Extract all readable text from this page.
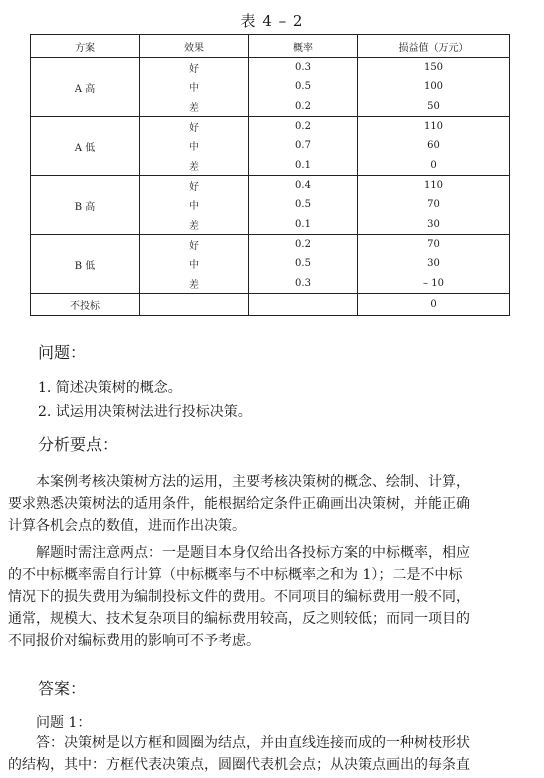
表 4 – 2
方案	效果	概率	损益值（万元）
A 高	好	0.3	150
	中	0.5	100
	差	0.2	50
A 低	好	0.2	110
	中	0.7	60
	差	0.1	0
B 高	好	0.4	110
	中	0.5	70
	差	0.1	30
B 低	好	0.2	70
	中	0.5	30
	差	0.3	– 10
不投标			0
问题：
1. 简述决策树的概念。
2. 试运用决策树法进行投标决策。
分析要点：
本案例考核决策树方法的运用，主要考核决策树的概念、绘制、计算，
要求熟悉决策树法的适用条件，能根据给定条件正确画出决策树，并能正确
计算各机会点的数值，进而作出决策。
解题时需注意两点：一是题目本身仅给出各投标方案的中标概率，相应
的不中标概率需自行计算（中标概率与不中标概率之和为 1）；二是不中标
情况下的损失费用为编制投标文件的费用。不同项目的编标费用一般不同，
通常，规模大、技术复杂项目的编标费用较高，反之则较低；而同一项目的
不同报价对编标费用的影响可不予考虑。
答案：
问题 1：
答：决策树是以方框和圆圈为结点，并由直线连接而成的一种树枝形状
的结构，其中：方框代表决策点，圆圈代表机会点；从决策点画出的每条直
